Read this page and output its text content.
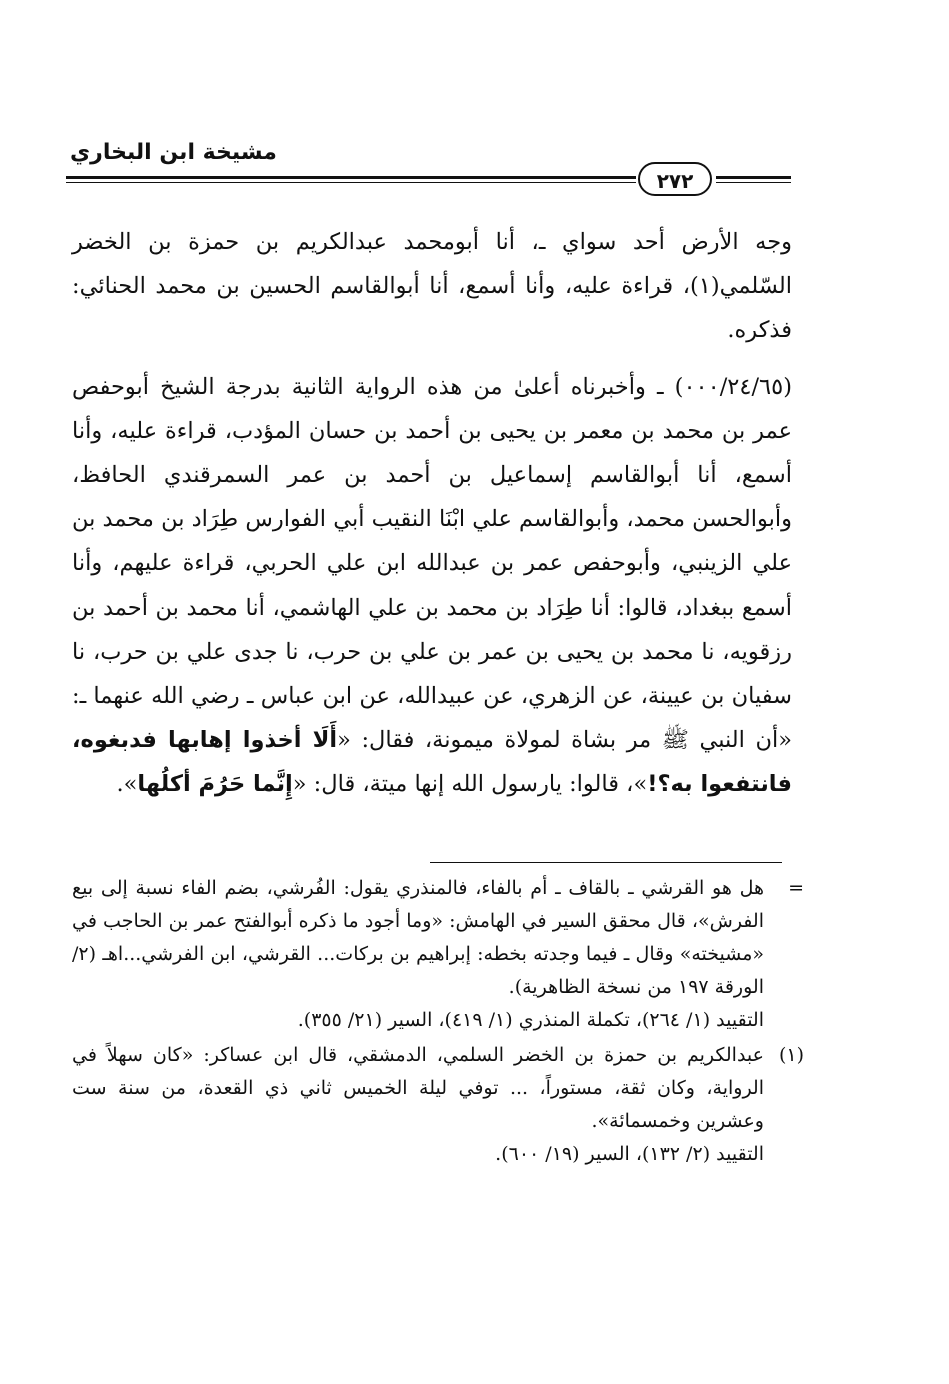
مشيخة ابن البخاري
٢٧٢

وجه الأرض أحد سواي ـ، أنا أبومحمد عبدالكريم بن حمزة بن الخضر السّلمي(١)، قراءة عليه، وأنا أسمع، أنا أبوالقاسم الحسين بن محمد الحنائي: فذكره.

(٠٠٠/٢٤/٦٥) ـ وأخبرناه أعلىٰ من هذه الرواية الثانية بدرجة الشيخ أبوحفص عمر بن محمد بن معمر بن يحيى بن أحمد بن حسان المؤدب، قراءة عليه، وأنا أسمع، أنا أبوالقاسم إسماعيل بن أحمد بن عمر السمرقندي الحافظ، وأبوالحسن محمد، وأبوالقاسم علي ابْنَا النقيب أبي الفوارس طِرَاد بن محمد بن علي الزينبي، وأبوحفص عمر بن عبدالله ابن علي الحربي، قراءة عليهم، وأنا أسمع ببغداد، قالوا: أنا طِرَاد بن محمد بن علي الهاشمي، أنا محمد بن أحمد بن رزقويه، نا محمد بن يحيى بن عمر بن علي بن حرب، نا جدى علي بن حرب، نا سفيان بن عيينة، عن الزهري، عن عبيدالله، عن ابن عباس ـ رضي الله عنهما ـ: «أن النبي ﷺ مر بشاة لمولاة ميمونة، فقال: «أَلَا أخذوا إهابها فدبغوه، فانتفعوا به؟!»، قالوا: يارسول الله إنها ميتة، قال: «إِنَّما حَرُمَ أكلُها».

=

هل هو القرشي ـ بالقاف ـ أم بالفاء، فالمنذري يقول: الفُرشي، بضم الفاء نسبة إلى بيع الفرش»، قال محقق السير في الهامش: «وما أجود ما ذكره أبوالفتح عمر بن الحاجب في «مشيخته» وقال ـ فيما وجدته بخطه: إبراهيم بن بركات... القرشي، ابن الفرشي...اهـ (٢/ الورقة ١٩٧ من نسخة الظاهرية).

التقييد (١/ ٢٦٤)، تكملة المنذري (١/ ٤١٩)، السير (٢١/ ٣٥٥).

(١)

عبدالكريم بن حمزة بن الخضر السلمي، الدمشقي، قال ابن عساكر: «كان سهلاً في الرواية، وكان ثقة، مستوراً، ... توفي ليلة الخميس ثاني ذي القعدة، من سنة ست وعشرين وخمسمائة».

التقييد (٢/ ١٣٢)، السير (١٩/ ٦٠٠).
